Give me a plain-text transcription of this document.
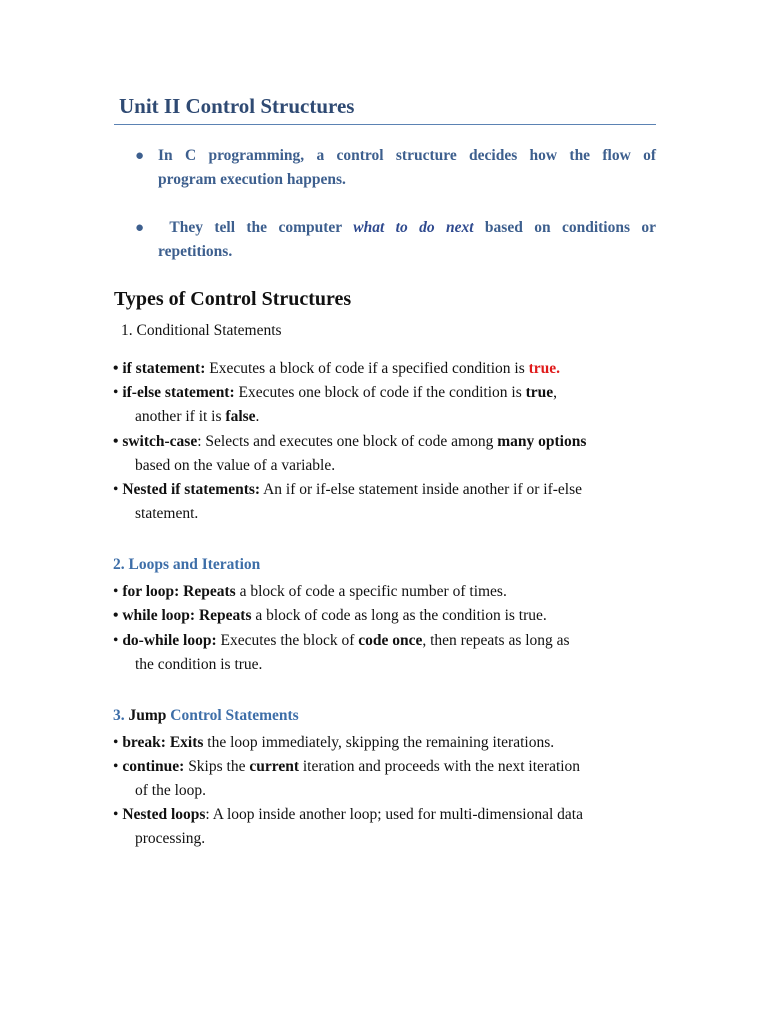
Unit II Control Structures
● In C programming, a control structure decides how the flow of
program execution happens.
●	They tell the computer what to do next based on conditions or
repetitions.
Types of Control Structures
1. Conditional Statements
• if statement: Executes a block of code if a specified condition is true.
• if-else statement: Executes one block of code if the condition is true,
another if it is false.
• switch-case: Selects and executes one block of code among many options
based on the value of a variable.
• Nested if statements: An if or if-else statement inside another if or if-else
statement.
2. Loops and Iteration
• for loop: Repeats a block of code a specific number of times.
• while loop: Repeats a block of code as long as the condition is true.
• do-while loop: Executes the block of code once, then repeats as long as
the condition is true.
3. Jump Control Statements
• break: Exits the loop immediately, skipping the remaining iterations.
• continue: Skips the current iteration and proceeds with the next iteration
of the loop.
• Nested loops: A loop inside another loop; used for multi-dimensional data
processing.
